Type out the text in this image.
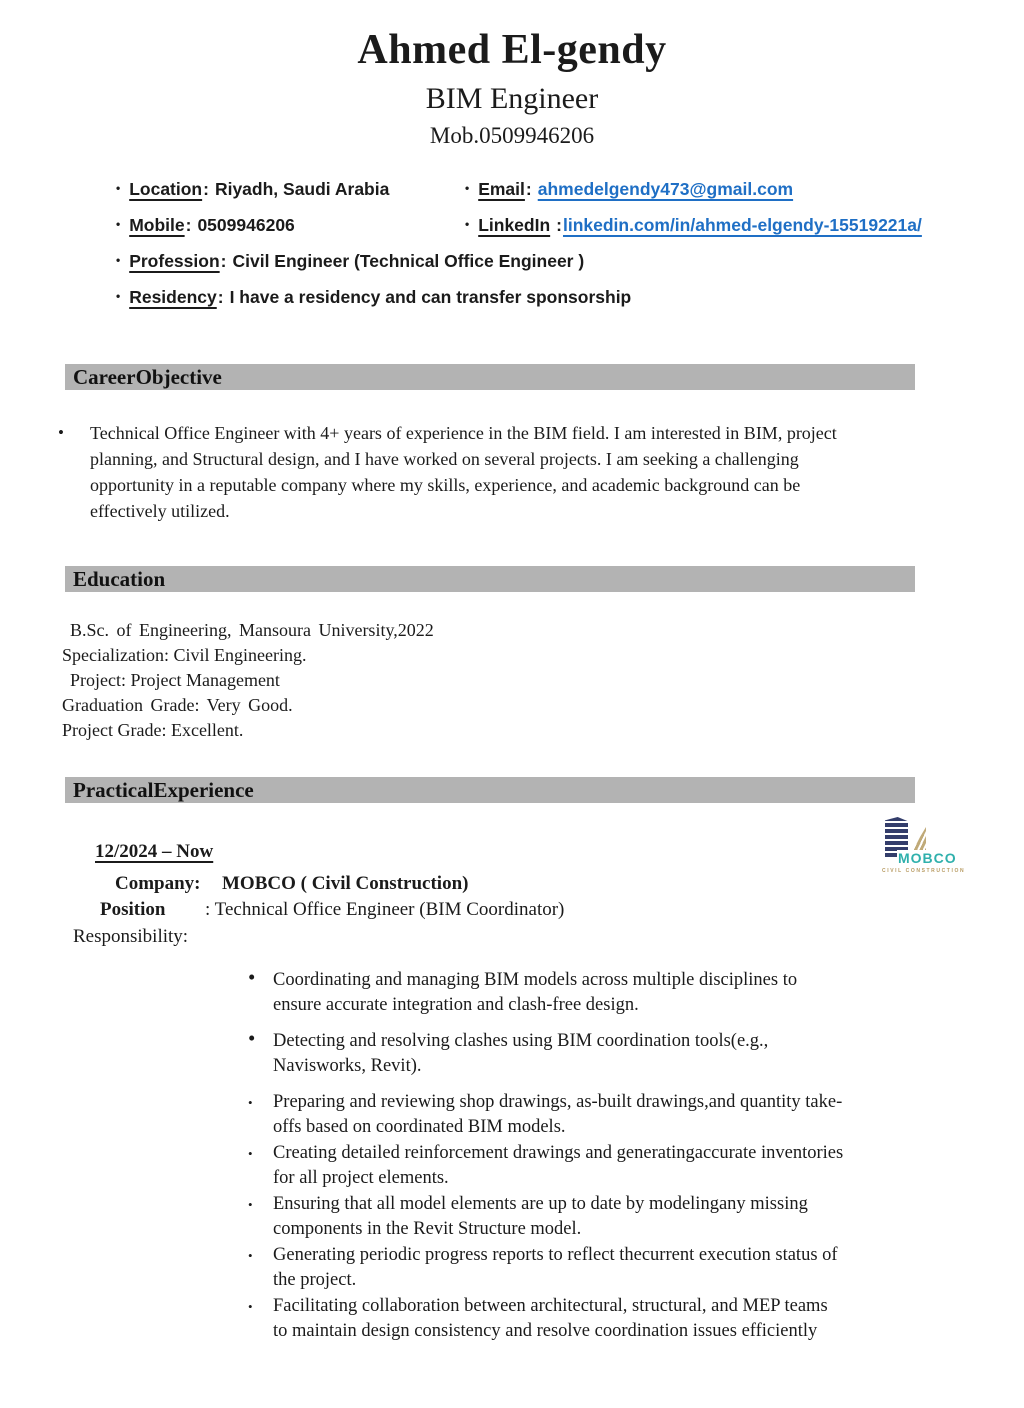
Ahmed El-gendy
BIM Engineer
Mob.0509946206
• Location: Riyadh, Saudi Arabia	• Email: ahmedelgendy473@gmail.com
• Mobile: 0509946206	• LinkedIn :linkedin.com/in/ahmed-elgendy-15519221a/
• Profession: Civil Engineer (Technical Office Engineer )
• Residency: I have a residency and can transfer sponsorship
CareerObjective
•	Technical Office Engineer with 4+ years of experience in the BIM field. I am interested in BIM, project planning, and Structural design, and I have worked on several projects. I am seeking a challenging opportunity in a reputable company where my skills, experience, and academic background can be effectively utilized.

Education
B.Sc. of Engineering, Mansoura University,2022
Specialization: Civil Engineering.
Project: Project Management
Graduation Grade: Very Good.
Project Grade: Excellent.
PracticalExperience
12/2024 – Now
Company: MOBCO ( Civil Construction)
Position : Technical Office Engineer (BIM Coordinator)
Responsibility:
• Coordinating and managing BIM models across multiple disciplines to ensure accurate integration and clash-free design.
• Detecting and resolving clashes using BIM coordination tools(e.g., Navisworks, Revit).
• Preparing and reviewing shop drawings, as-built drawings,and quantity take-offs based on coordinated BIM models.
• Creating detailed reinforcement drawings and generatingaccurate inventories for all project elements.
• Ensuring that all model elements are up to date by modelingany missing components in the Revit Structure model.
• Generating periodic progress reports to reflect thecurrent execution status of the project.
• Facilitating collaboration between architectural, structural, and MEP teams to maintain design consistency and resolve coordination issues efficiently
MOBCO
CIVIL CONSTRUCTION
